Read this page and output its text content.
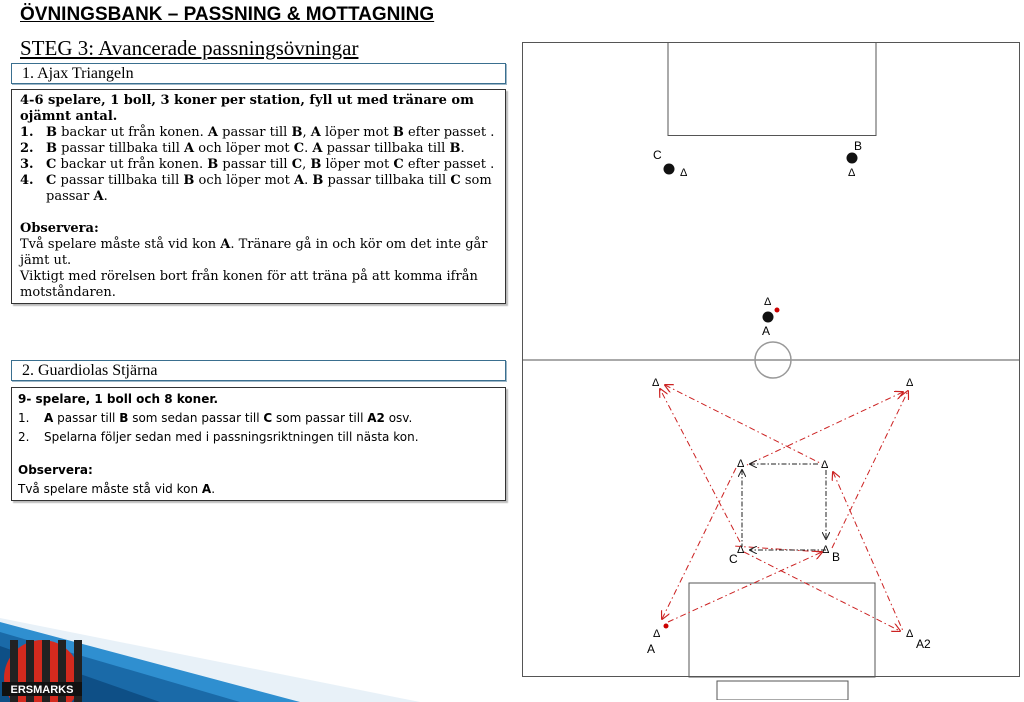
ÖVNINGSBANK – PASSNING & MOTTAGNING
STEG 3: Avancerade passningsövningar
1. Ajax Triangeln
4-6 spelare, 1 boll, 3 koner per station, fyll ut med tränare om ojämnt antal.
1. B backar ut från konen. A passar till B, A löper mot B efter passet .
2. B passar tillbaka till A och löper mot C. A passar tillbaka till B.
3. C backar ut från konen. B passar till C, B löper mot C efter passet .
4. C passar tillbaka till B och löper mot A. B passar tillbaka till C som passar A.
Observera:
Två spelare måste stå vid kon A. Tränare gå in och kör om det inte går jämt ut.
Viktigt med rörelsen bort från konen för att träna på att komma ifrån motståndaren.
2. Guardiolas Stjärna
9- spelare, 1 boll och 8 koner.
1. A passar till B som sedan passar till C som passar till A2 osv.
2. Spelarna följer sedan med i passningsriktningen till nästa kon.
Observera:
Två spelare måste stå vid kon A.
C
Δ
B
Δ
Δ
A
Δ	Δ
Δ	Δ
Δ	Δ
Δ	Δ
C	B
A	A2
ERSMARKS
